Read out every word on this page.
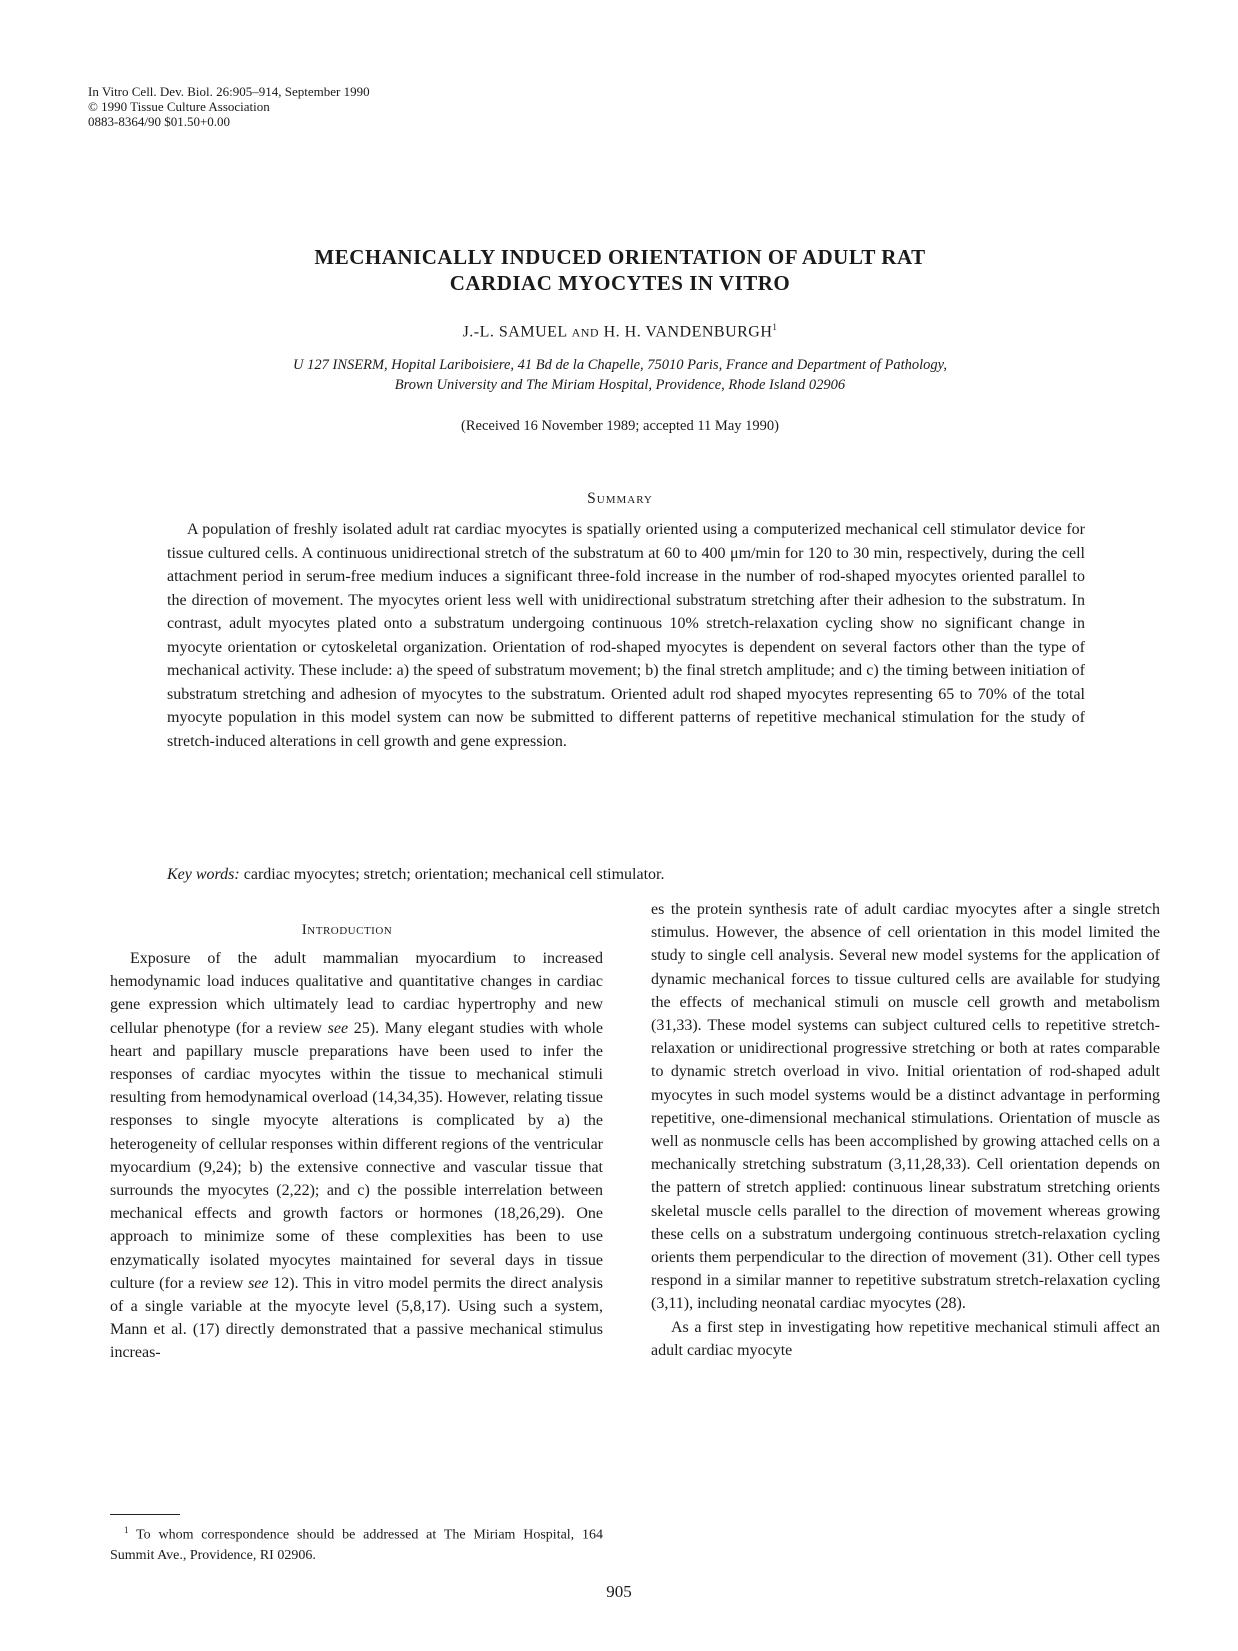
In Vitro Cell. Dev. Biol. 26:905–914, September 1990
© 1990 Tissue Culture Association
0883-8364/90 $01.50+0.00
MECHANICALLY INDUCED ORIENTATION OF ADULT RAT
CARDIAC MYOCYTES IN VITRO
J.-L. SAMUEL AND H. H. VANDENBURGH$^1$
U 127 INSERM, Hopital Lariboisiere, 41 Bd de la Chapelle, 75010 Paris, France and Department of Pathology,
Brown University and The Miriam Hospital, Providence, Rhode Island 02906
(Received 16 November 1989; accepted 11 May 1990)
Summary

A population of freshly isolated adult rat cardiac myocytes is spatially oriented using a computerized mechanical cell stimulator device for tissue cultured cells. A continuous unidirectional stretch of the substratum at 60 to 400 μm/min for 120 to 30 min, respectively, during the cell attachment period in serum-free medium induces a significant three-fold increase in the number of rod-shaped myocytes oriented parallel to the direction of movement. The myocytes orient less well with unidirectional substratum stretching after their adhesion to the substratum. In contrast, adult myocytes plated onto a substratum undergoing continuous 10% stretch-relaxation cycling show no significant change in myocyte orientation or cytoskeletal organization. Orientation of rod-shaped myocytes is dependent on several factors other than the type of mechanical activity. These include: a) the speed of substratum movement; b) the final stretch amplitude; and c) the timing between initiation of substratum stretching and adhesion of myocytes to the substratum. Oriented adult rod shaped myocytes representing 65 to 70% of the total myocyte population in this model system can now be submitted to different patterns of repetitive mechanical stimulation for the study of stretch-induced alterations in cell growth and gene expression.

Key words: cardiac myocytes; stretch; orientation; mechanical cell stimulator.
Introduction

Exposure of the adult mammalian myocardium to increased hemodynamic load induces qualitative and quantitative changes in cardiac gene expression which ultimately lead to cardiac hypertrophy and new cellular phenotype (for a review see 25). Many elegant studies with whole heart and papillary muscle preparations have been used to infer the responses of cardiac myocytes within the tissue to mechanical stimuli resulting from hemodynamical overload (14,34,35). However, relating tissue responses to single myocyte alterations is complicated by a) the heterogeneity of cellular responses within different regions of the ventricular myocardium (9,24); b) the extensive connective and vascular tissue that surrounds the myocytes (2,22); and c) the possible interrelation between mechanical effects and growth factors or hormones (18,26,29). One approach to minimize some of these complexities has been to use enzymatically isolated myocytes maintained for several days in tissue culture (for a review see 12). This in vitro model permits the direct analysis of a single variable at the myocyte level (5,8,17). Using such a system, Mann et al. (17) directly demonstrated that a passive mechanical stimulus increas-

es the protein synthesis rate of adult cardiac myocytes after a single stretch stimulus. However, the absence of cell orientation in this model limited the study to single cell analysis. Several new model systems for the application of dynamic mechanical forces to tissue cultured cells are available for studying the effects of mechanical stimuli on muscle cell growth and metabolism (31,33). These model systems can subject cultured cells to repetitive stretch-relaxation or unidirectional progressive stretching or both at rates comparable to dynamic stretch overload in vivo. Initial orientation of rod-shaped adult myocytes in such model systems would be a distinct advantage in performing repetitive, one-dimensional mechanical stimulations. Orientation of muscle as well as nonmuscle cells has been accomplished by growing attached cells on a mechanically stretching substratum (3,11,28,33). Cell orientation depends on the pattern of stretch applied: continuous linear substratum stretching orients skeletal muscle cells parallel to the direction of movement whereas growing these cells on a substratum undergoing continuous stretch-relaxation cycling orients them perpendicular to the direction of movement (31). Other cell types respond in a similar manner to repetitive substratum stretch-relaxation cycling (3,11), including neonatal cardiac myocytes (28).

As a first step in investigating how repetitive mechanical stimuli affect an adult cardiac myocyte

$^1$ To whom correspondence should be addressed at The Miriam Hospital, 164 Summit Ave., Providence, RI 02906.

905
